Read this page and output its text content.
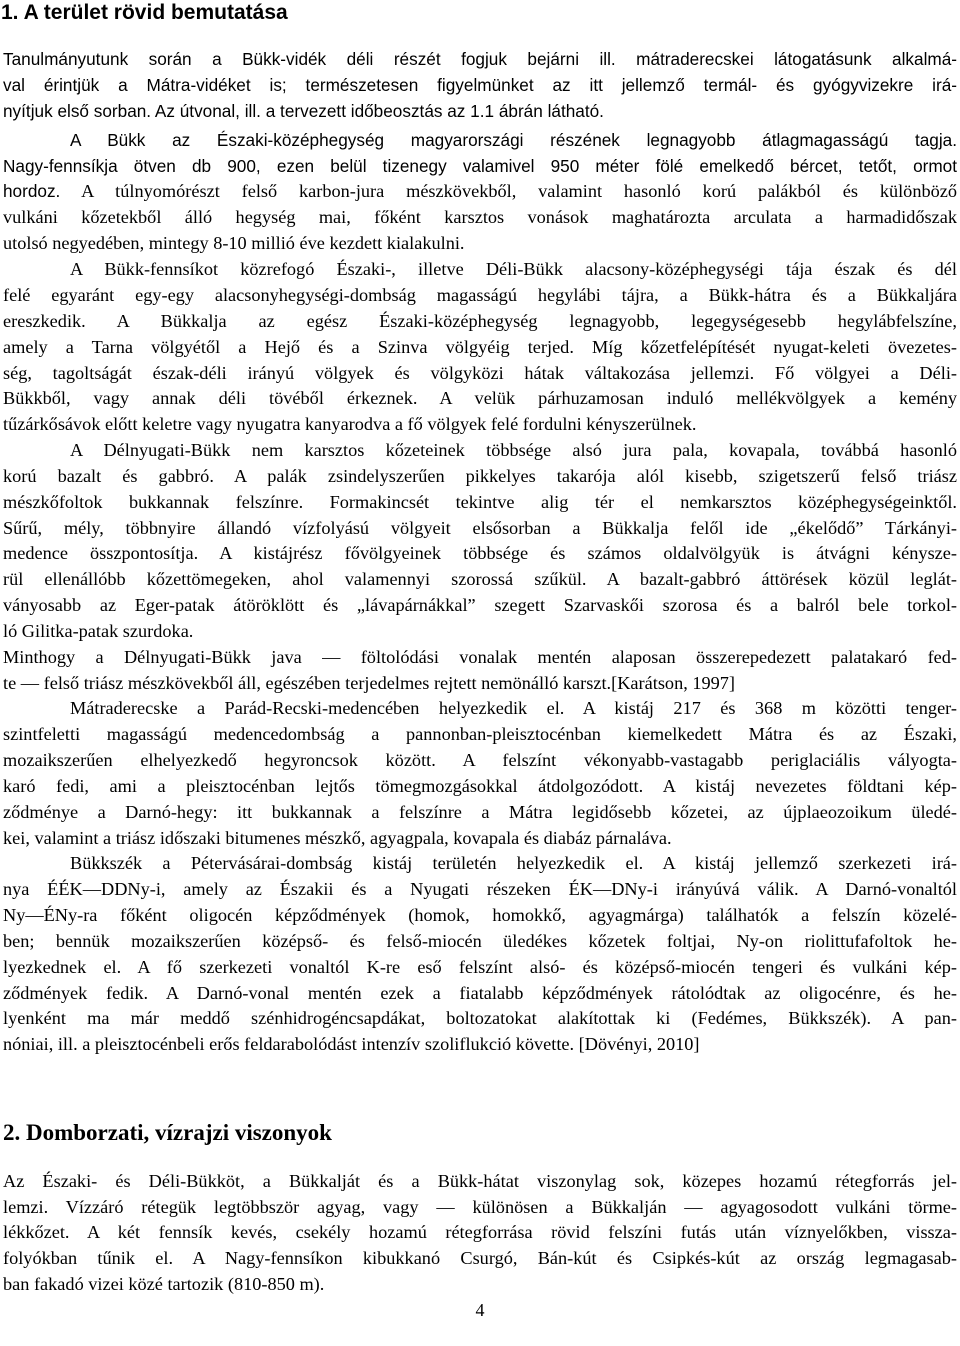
1. A terület rövid bemutatása

Tanulmányutunk során a Bükk-vidék déli részét fogjuk bejárni ill. mátraderecskei látogatásunk alkalmá-

val érintjük a Mátra-vidéket is; természetesen figyelmünket az itt jellemző termál- és gyógyvizekre irá-

nyítjuk első sorban. Az útvonal, ill. a tervezett időbeosztás az 1.1 ábrán látható.

A Bükk az Északi-középhegység magyarországi részének legnagyobb átlagmagasságú tagja.

Nagy-fennsíkja ötven db 900, ezen belül tizenegy valamivel 950 méter fölé emelkedő bércet, tetőt, ormot

hordoz. A túlnyomórészt felső karbon-jura mészkövekből, valamint hasonló korú palákból és különböző

vulkáni kőzetekből álló hegység mai, főként karsztos vonások maghatározta arculata a harmadidőszak

utolsó negyedében, mintegy 8-10 millió éve kezdett kialakulni.

A Bükk-fennsíkot közrefogó Északi-, illetve Déli-Bükk alacsony-középhegységi tája észak és dél

felé egyaránt egy-egy alacsonyhegységi-dombság magasságú hegylábi tájra, a Bükk-hátra és a Bükkaljára

ereszkedik. A Bükkalja az egész Északi-középhegység legnagyobb, legegységesebb hegylábfelszíne,

amely a Tarna völgyétől a Hejő és a Szinva völgyéig terjed. Míg kőzetfelépítését nyugat-keleti övezetes-

ség, tagoltságát észak-déli irányú völgyek és völgyközi hátak váltakozása jellemzi. Fő völgyei a Déli-

Bükkből, vagy annak déli tövéből érkeznek. A velük párhuzamosan induló mellékvölgyek a kemény

tűzárkősávok előtt keletre vagy nyugatra kanyarodva a fő völgyek felé fordulni kényszerülnek.

A Délnyugati-Bükk nem karsztos kőzeteinek többsége alsó jura pala, kovapala, továbbá hasonló

korú bazalt és gabbró. A palák zsindelyszerűen pikkelyes takarója alól kisebb, szigetszerű felső triász

mészkőfoltok bukkannak felszínre. Formakincsét tekintve alig tér el nemkarsztos középhegységeinktől.

Sűrű, mély, többnyire állandó vízfolyású völgyeit elsősorban a Bükkalja felől ide „ékelődő” Tárkányi-

medence összpontosítja. A kistájrész fővölgyeinek többsége és számos oldalvölgyük is átvágni kénysze-

rül ellenállóbb kőzettömegeken, ahol valamennyi szorossá szűkül. A bazalt-gabbró áttörések közül leglát-

ványosabb az Eger-patak átöröklött és „lávapárnákkal” szegett Szarvaskői szorosa és a balról bele torkol-

ló Gilitka-patak szurdoka.

Minthogy a Délnyugati-Bükk java — föltolódási vonalak mentén alaposan összerepedezett palatakaró fed-

te — felső triász mészkövekből áll, egészében terjedelmes rejtett nemönálló karszt.[Karátson, 1997]

Mátraderecske a Parád-Recski-medencében helyezkedik el. A kistáj 217 és 368 m közötti tenger-

szintfeletti magasságú medencedombság a pannonban-pleisztocénban kiemelkedett Mátra és az Északi,

mozaikszerűen elhelyezkedő hegyroncsok között. A felszínt vékonyabb-vastagabb periglaciális vályogta-

karó fedi, ami a pleisztocénban lejtős tömegmozgásokkal átdolgozódott. A kistáj nevezetes földtani kép-

ződménye a Darnó-hegy: itt bukkannak a felszínre a Mátra legidősebb kőzetei, az újplaeozoikum üledé-

kei, valamint a triász időszaki bitumenes mészkő, agyagpala, kovapala és diabáz párnaláva.

Bükkszék a Pétervásárai-dombság kistáj területén helyezkedik el. A kistáj jellemző szerkezeti irá-

nya ÉÉK—DDNy-i, amely az Északii és a Nyugati részeken ÉK—DNy-i irányúvá válik. A Darnó-vonaltól

Ny—ÉNy-ra főként oligocén képződmények (homok, homokkő, agyagmárga) találhatók a felszín közelé-

ben; bennük mozaikszerűen középső- és felső-miocén üledékes kőzetek foltjai, Ny-on riolittufafoltok he-

lyezkednek el. A fő szerkezeti vonaltól K-re eső felszínt alsó- és középső-miocén tengeri és vulkáni kép-

ződmények fedik. A Darnó-vonal mentén ezek a fiatalabb képződmények rátolódtak az oligocénre, és he-

lyenként ma már meddő szénhidrogéncsapdákat, boltozatokat alakítottak ki (Fedémes, Bükkszék). A pan-

nóniai, ill. a pleisztocénbeli erős feldarabolódást intenzív szoliflukció követte. [Dövényi, 2010]

2. Domborzati, vízrajzi viszonyok

Az Északi- és Déli-Bükköt, a Bükkalját és a Bükk-hátat viszonylag sok, közepes hozamú rétegforrás jel-

lemzi. Vízzáró rétegük legtöbbször agyag, vagy — különösen a Bükkalján — agyagosodott vulkáni törme-

lékkőzet. A két fennsík kevés, csekély hozamú rétegforrása rövid felszíni futás után víznyelőkben, vissza-

folyókban tűnik el. A Nagy-fennsíkon kibukkanó Csurgó, Bán-kút és Csipkés-kút az ország legmagasab-

ban fakadó vizei közé tartozik (810-850 m).

4
